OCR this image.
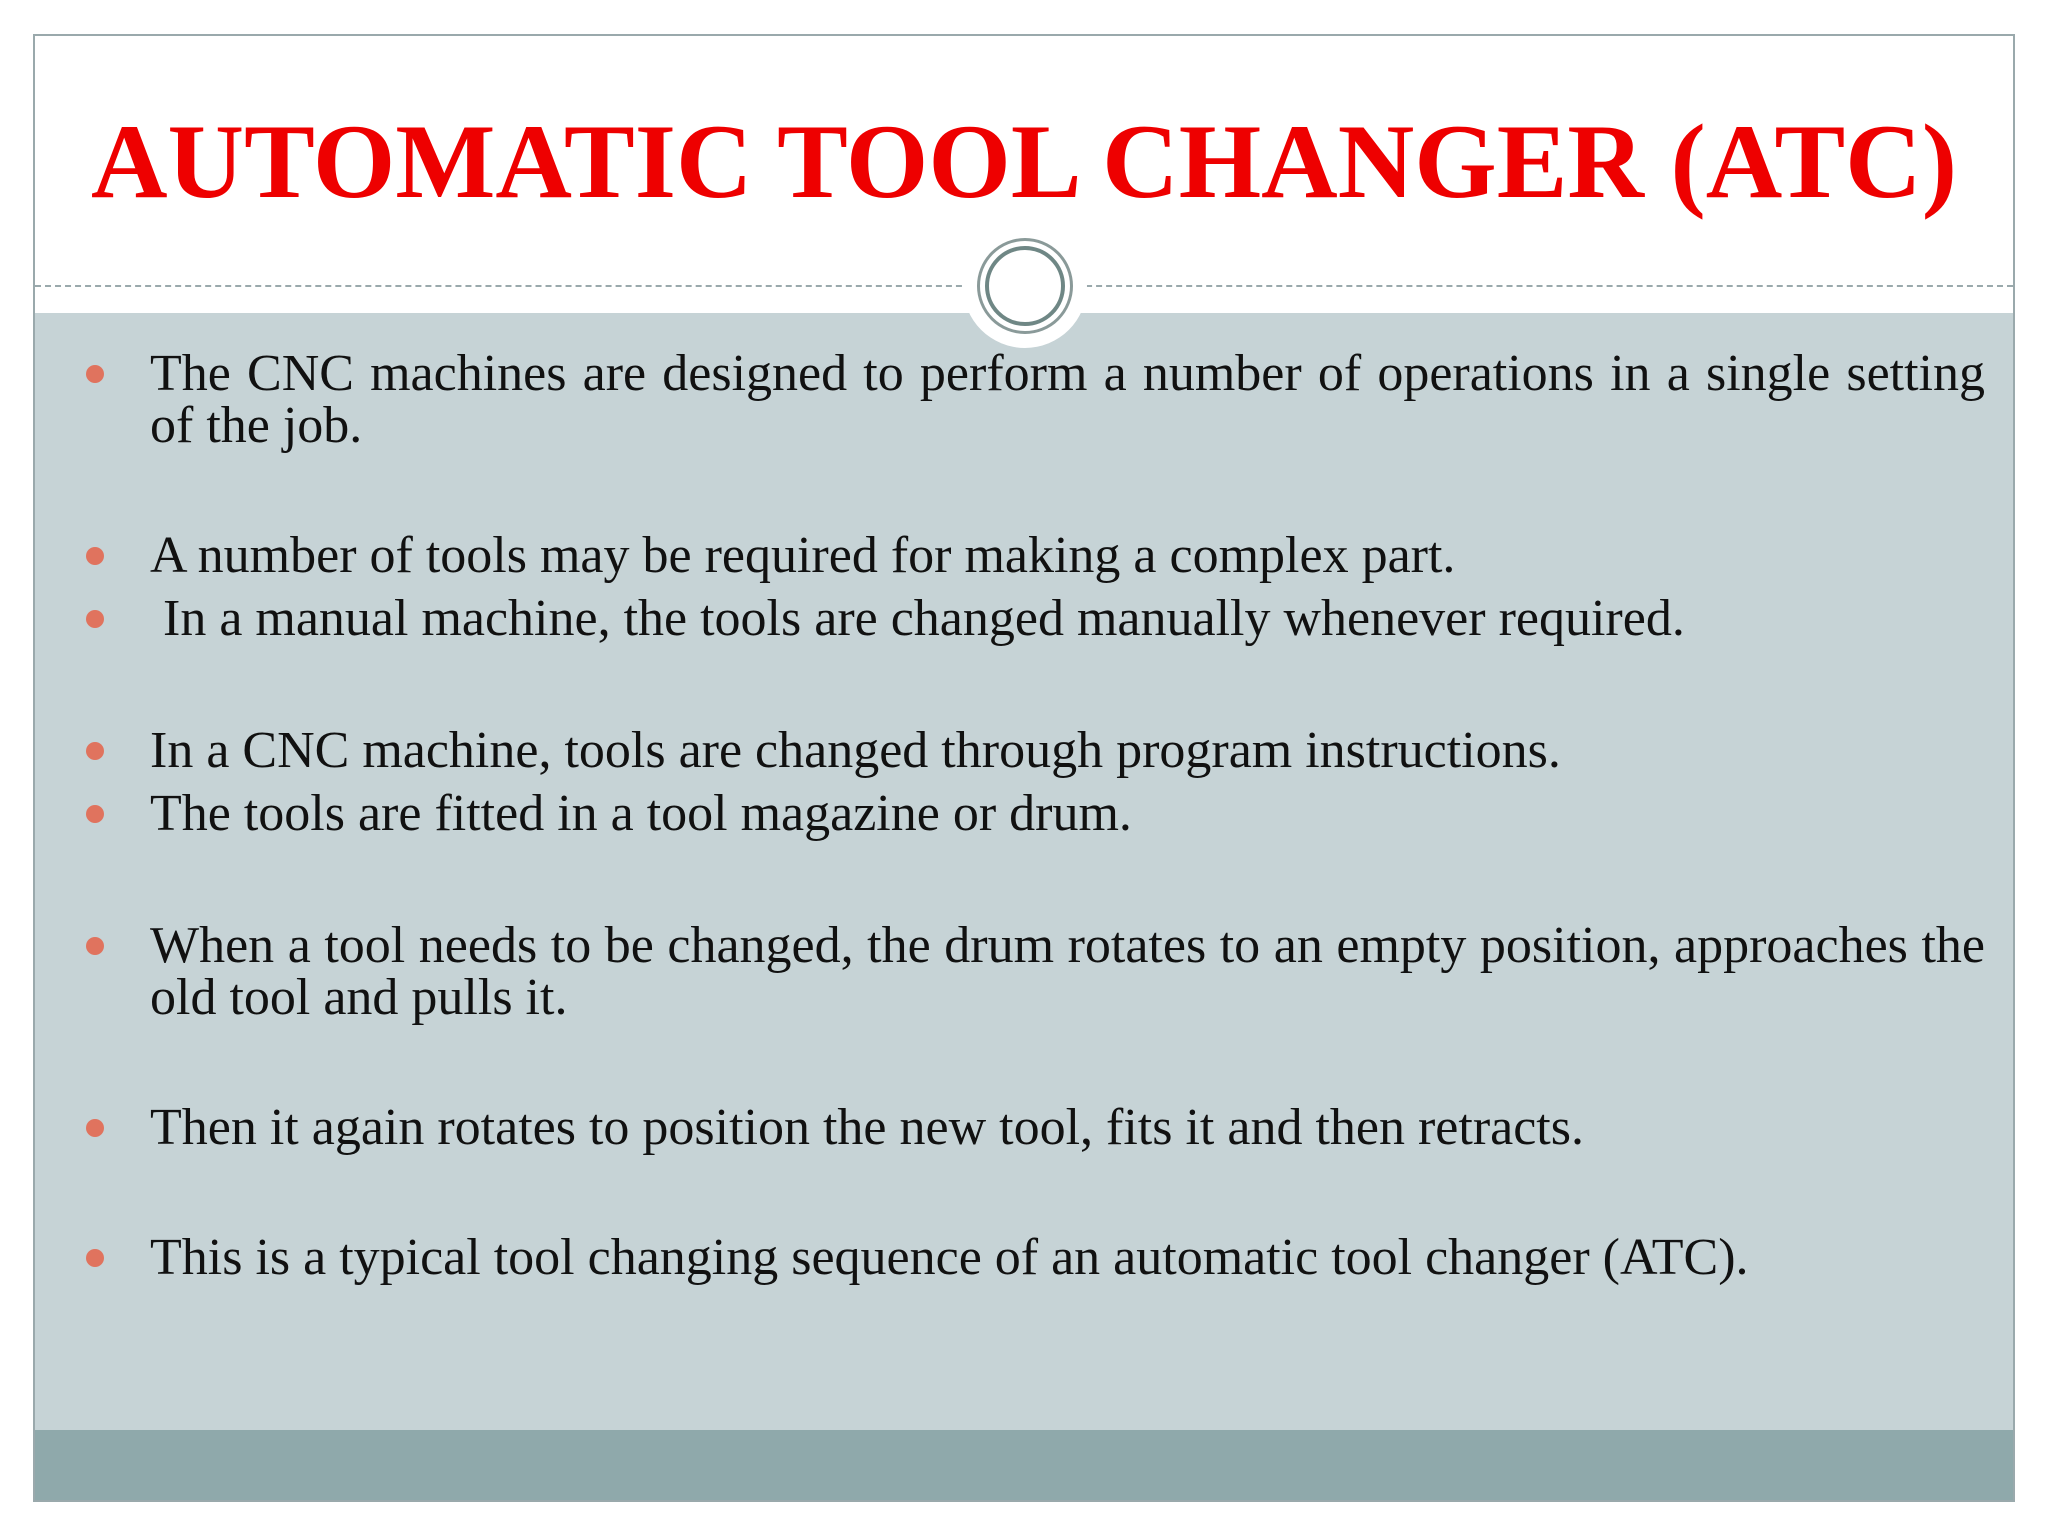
AUTOMATIC TOOL CHANGER (ATC)
The CNC machines are designed to perform a number of operations in a single setting of the job.
A number of tools may be required for making a complex part.
In a manual machine, the tools are changed manually whenever required.
In a CNC machine, tools are changed through program instructions.
The tools are fitted in a tool magazine or drum.
When a tool needs to be changed, the drum rotates to an empty position, approaches the old tool and pulls it.
Then it again rotates to position the new tool, fits it and then retracts.
This is a typical tool changing sequence of an automatic tool changer (ATC).
